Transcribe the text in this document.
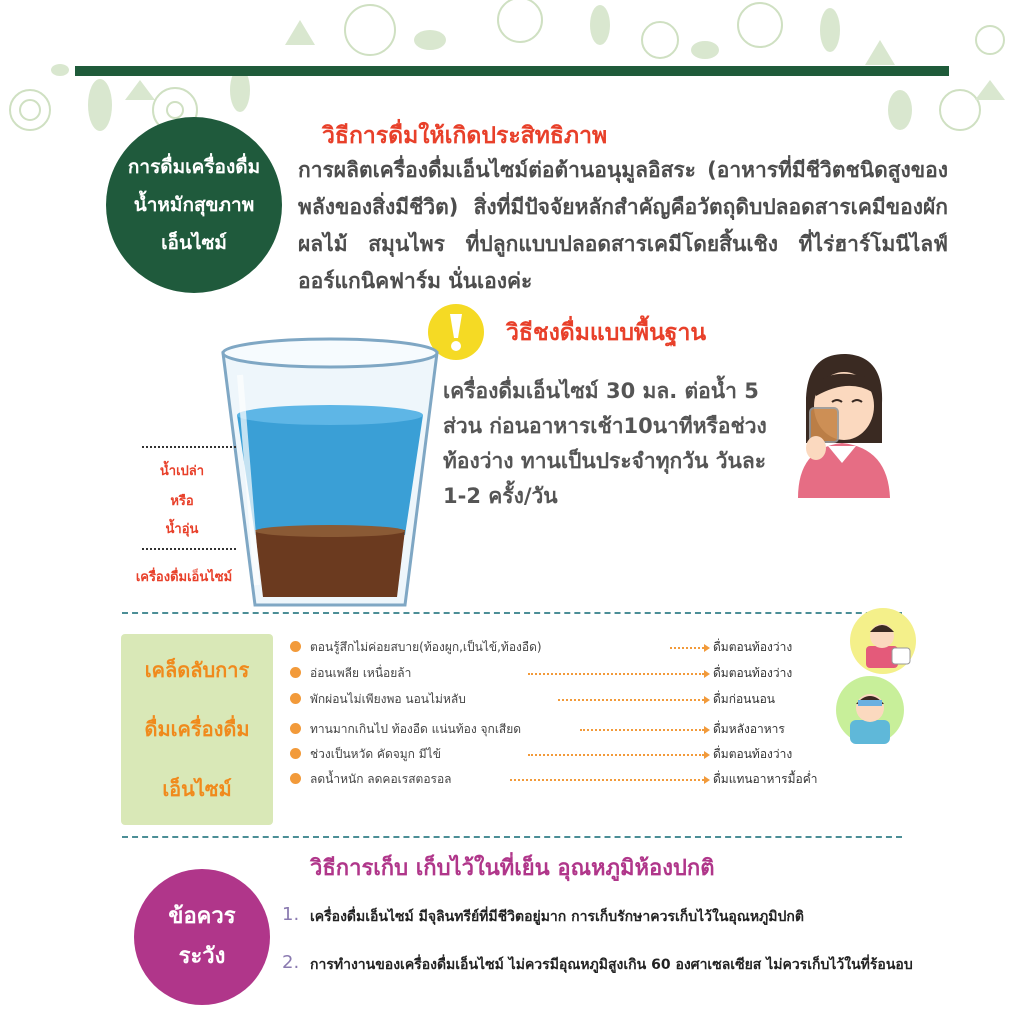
การดื่มเครื่องดื่ม
น้ำหมักสุขภาพ
เอ็นไซม์
วิธีการดื่มให้เกิดประสิทธิภาพ
การผลิตเครื่องดื่มเอ็นไซม์ต่อต้านอนุมูลอิสระ (อาหารที่มีชีวิตชนิดสูงของพลังของสิ่งมีชีวิต) สิ่งที่มีปัจจัยหลักสำคัญคือวัตถุดิบปลอดสารเคมีของผัก ผลไม้ สมุนไพร ที่ปลูกแบบปลอดสารเคมีโดยสิ้นเชิง ที่ไร่ฮาร์โมนีไลฟ์ออร์แกนิคฟาร์ม นั่นเองค่ะ
วิธีชงดื่มแบบพื้นฐาน
เครื่องดื่มเอ็นไซม์ 30 มล. ต่อน้ำ 5 ส่วน ก่อนอาหารเช้า10นาทีหรือช่วงท้องว่าง ทานเป็นประจำทุกวัน วันละ 1-2 ครั้ง/วัน
น้ำเปล่า
หรือ
น้ำอุ่น
เครื่องดื่มเอ็นไซม์
เคล็ดลับการ
ดื่มเครื่องดื่ม
เอ็นไซม์
ตอนรู้สึกไม่ค่อยสบาย(ท้องผูก,เป็นไข้,ท้องอืด)	ดื่มตอนท้องว่าง
อ่อนเพลีย เหนื่อยล้า	ดื่มตอนท้องว่าง
พักผ่อนไม่เพียงพอ นอนไม่หลับ	ดื่มก่อนนอน
ทานมากเกินไป ท้องอืด แน่นท้อง จุกเสียด	ดื่มหลังอาหาร
ช่วงเป็นหวัด คัดจมูก มีไข้	ดื่มตอนท้องว่าง
ลดน้ำหนัก ลดคอเรสตอรอล	ดื่มแทนอาหารมื้อค่ำ
วิธีการเก็บ เก็บไว้ในที่เย็น อุณหภูมิห้องปกติ
ข้อควร
ระวัง
1. เครื่องดื่มเอ็นไซม์ มีจุลินทรีย์ที่มีชีวิตอยู่มาก การเก็บรักษาควรเก็บไว้ในอุณหภูมิปกติ
2. การทำงานของเครื่องดื่มเอ็นไซม์ ไม่ควรมีอุณหภูมิสูงเกิน 60 องศาเซลเซียส ไม่ควรเก็บไว้ในที่ร้อนอบ
